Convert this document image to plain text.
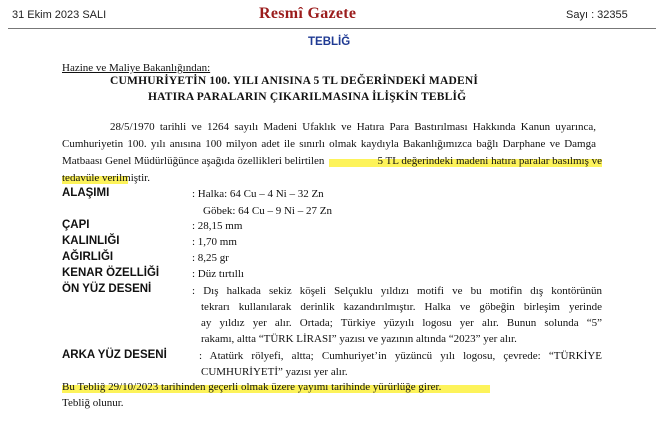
31 Ekim 2023 SALI	Resmî Gazete	Sayı : 32355
TEBLİĞ
Hazine ve Maliye Bakanlığından:
CUMHURİYETİN 100. YILI ANISINA 5 TL DEĞERİNDEKİ MADENİ
HATIRA PARALARIN ÇIKARILMASINA İLİŞKİN TEBLİĞ
28/5/1970 tarihli ve 1264 sayılı Madeni Ufaklık ve Hatıra Para Bastırılması Hakkında Kanun uyarınca,
Cumhuriyetin 100. yılı anısına 100 milyon adet ile sınırlı olmak kaydıyla Bakanlığımızca bağlı Darphane ve Damga
Matbaası Genel Müdürlüğünce aşağıda özellikleri belirtilen	5 TL değerindeki madeni hatıra paralar basılmış ve
tedavüle verilmiştir.
ALAŞIMI	: Halka: 64 Cu – 4 Ni – 32 Zn
Göbek: 64 Cu – 9 Ni – 27 Zn
ÇAPI	: 28,15 mm
KALINLIĞI	: 1,70 mm
AĞIRLIĞI	: 8,25 gr
KENAR ÖZELLİĞİ	: Düz tırtıllı
ÖN YÜZ DESENİ	: Dış halkada sekiz köşeli Selçuklu yıldızı motifi ve bu motifin dış kontörünün
tekrarı kullanılarak derinlik kazandırılmıştır. Halka ve göbeğin birleşim yerinde
ay yıldız yer alır. Ortada; Türkiye yüzyılı logosu yer alır. Bunun solunda “5”
rakamı, altta “TÜRK LİRASI” yazısı ve yazının altında “2023” yer alır.
ARKA YÜZ DESENİ	: Atatürk rölyefi, altta; Cumhuriyet’in yüzüncü yılı logosu, çevrede: “TÜRKİYE
CUMHURİYETİ” yazısı yer alır.
Bu Tebliğ 29/10/2023 tarihinden geçerli olmak üzere yayımı tarihinde yürürlüğe girer.
Tebliğ olunur.
